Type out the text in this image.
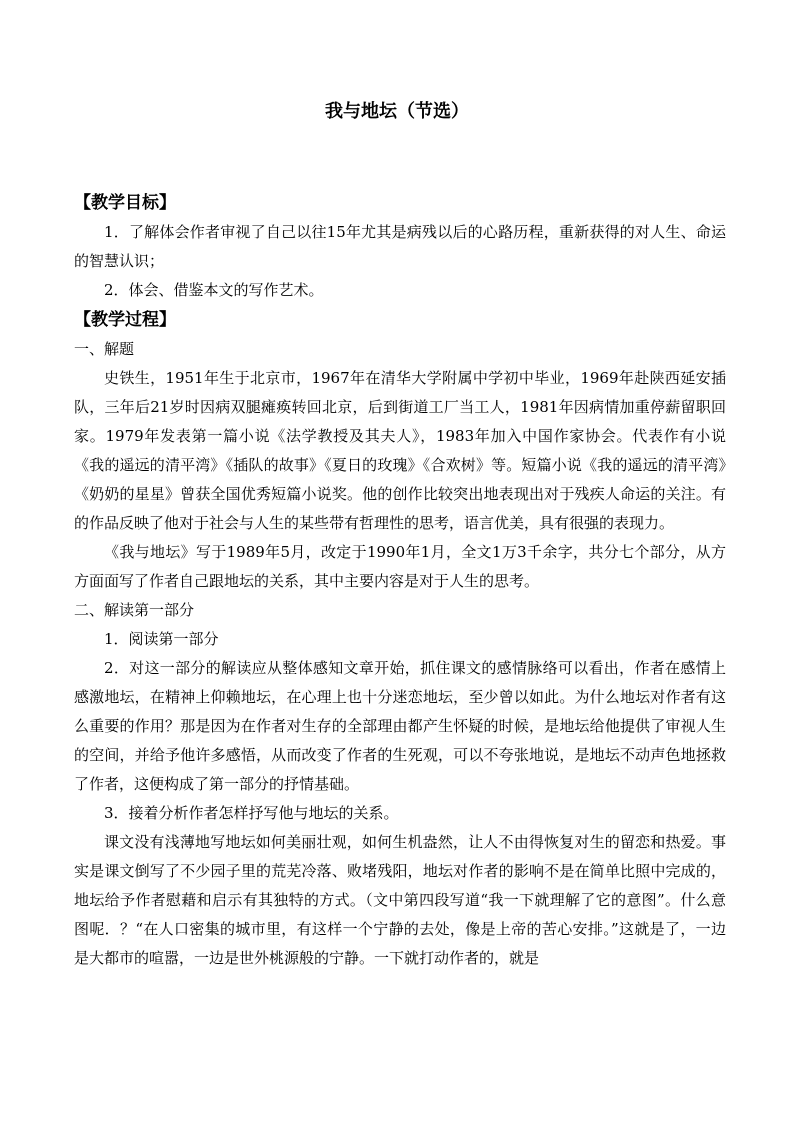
我与地坛（节选）

【教学目标】

1．了解体会作者审视了自己以往15年尤其是病残以后的心路历程，重新获得的对人生、命运的智慧认识；

2．体会、借鉴本文的写作艺术。

【教学过程】

一、解题

史铁生，1951年生于北京市，1967年在清华大学附属中学初中毕业，1969年赴陕西延安插队，三年后21岁时因病双腿瘫痪转回北京，后到街道工厂当工人，1981年因病情加重停薪留职回家。1979年发表第一篇小说《法学教授及其夫人》，1983年加入中国作家协会。代表作有小说《我的遥远的清平湾》《插队的故事》《夏日的玫瑰》《合欢树》等。短篇小说《我的遥远的清平湾》《奶奶的星星》曾获全国优秀短篇小说奖。他的创作比较突出地表现出对于残疾人命运的关注。有的作品反映了他对于社会与人生的某些带有哲理性的思考，语言优美，具有很强的表现力。

《我与地坛》写于1989年5月，改定于1990年1月，全文1万3千余字，共分七个部分，从方方面面写了作者自己跟地坛的关系，其中主要内容是对于人生的思考。

二、解读第一部分

1．阅读第一部分

2．对这一部分的解读应从整体感知文章开始，抓住课文的感情脉络可以看出，作者在感情上感激地坛，在精神上仰赖地坛，在心理上也十分迷恋地坛，至少曾以如此。为什么地坛对作者有这么重要的作用？那是因为在作者对生存的全部理由都产生怀疑的时候，是地坛给他提供了审视人生的空间，并给予他许多感悟，从而改变了作者的生死观，可以不夸张地说，是地坛不动声色地拯救了作者，这便构成了第一部分的抒情基础。

3．接着分析作者怎样抒写他与地坛的关系。

课文没有浅薄地写地坛如何美丽壮观，如何生机盎然，让人不由得恢复对生的留恋和热爱。事实是课文倒写了不少园子里的荒芜冷落、败堵残阳，地坛对作者的影响不是在简单比照中完成的，地坛给予作者慰藉和启示有其独特的方式。（文中第四段写道“我一下就理解了它的意图”。什么意图呢．？“在人口密集的城市里，有这样一个宁静的去处，像是上帝的苦心安排。”这就是了，一边是大都市的喧嚣，一边是世外桃源般的宁静。一下就打动作者的，就是
